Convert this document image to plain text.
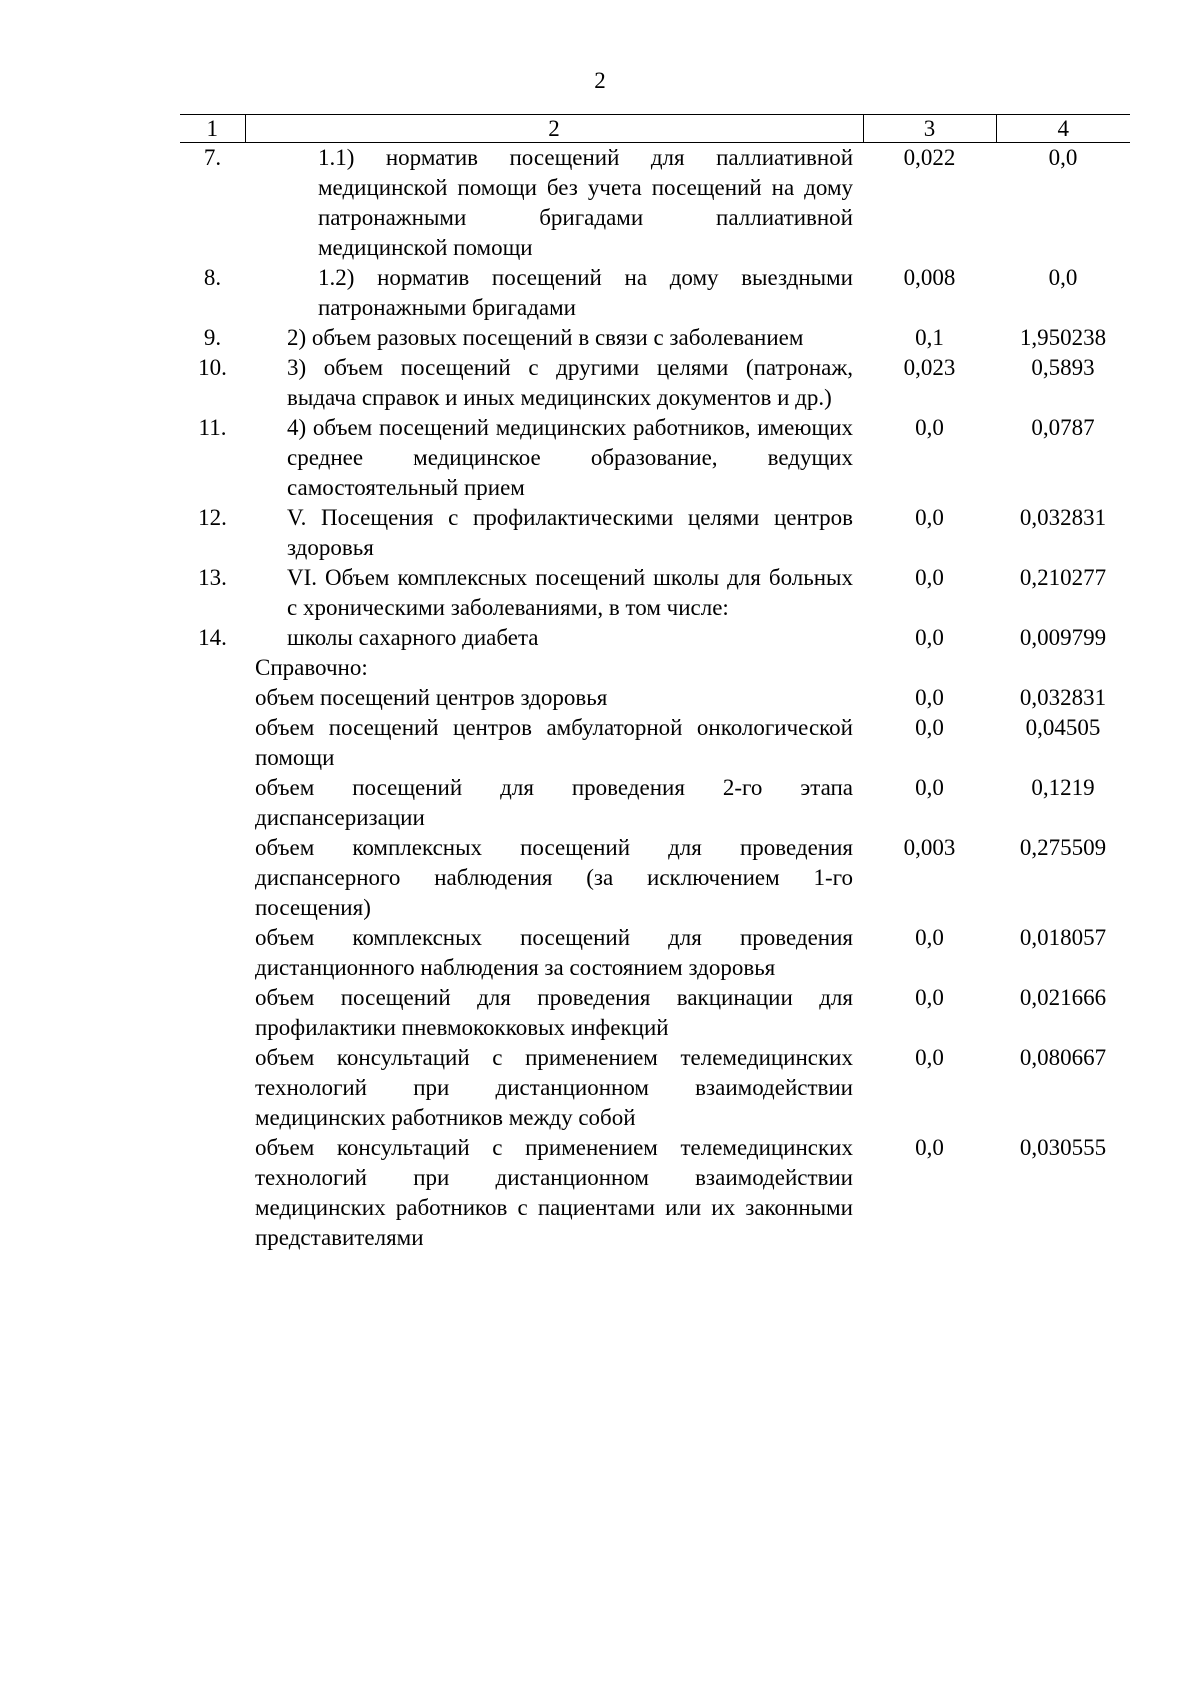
2
1	2	3	4
7.	1.1) норматив посещений для паллиативной медицинской помощи без учета посещений на дому патронажными бригадами паллиативной медицинской помощи	0,022	0,0
8.	1.2) норматив посещений на дому выездными патронажными бригадами	0,008	0,0
9.	2) объем разовых посещений в связи с заболеванием	0,1	1,950238
10.	3) объем посещений с другими целями (патронаж, выдача справок и иных медицинских документов и др.)	0,023	0,5893
11.	4) объем посещений медицинских работников, имеющих среднее медицинское образование, ведущих самостоятельный прием	0,0	0,0787
12.	V. Посещения с профилактическими целями центров здоровья	0,0	0,032831
13.	VI. Объем комплексных посещений школы для больных с хроническими заболеваниями, в том числе:	0,0	0,210277
14.	школы сахарного диабета	0,0	0,009799
	Справочно:		
	объем посещений центров здоровья	0,0	0,032831
	объем посещений центров амбулаторной онкологической помощи	0,0	0,04505
	объем посещений для проведения 2-го этапа диспансеризации	0,0	0,1219
	объем комплексных посещений для проведения диспансерного наблюдения (за исключением 1-го посещения)	0,003	0,275509
	объем комплексных посещений для проведения дистанционного наблюдения за состоянием здоровья	0,0	0,018057
	объем посещений для проведения вакцинации для профилактики пневмококковых инфекций	0,0	0,021666
	объем консультаций с применением телемедицинских технологий при дистанционном взаимодействии медицинских работников между собой	0,0	0,080667
	объем консультаций с применением телемедицинских технологий при дистанционном взаимодействии медицинских работников с пациентами или их законными представителями	0,0	0,030555
